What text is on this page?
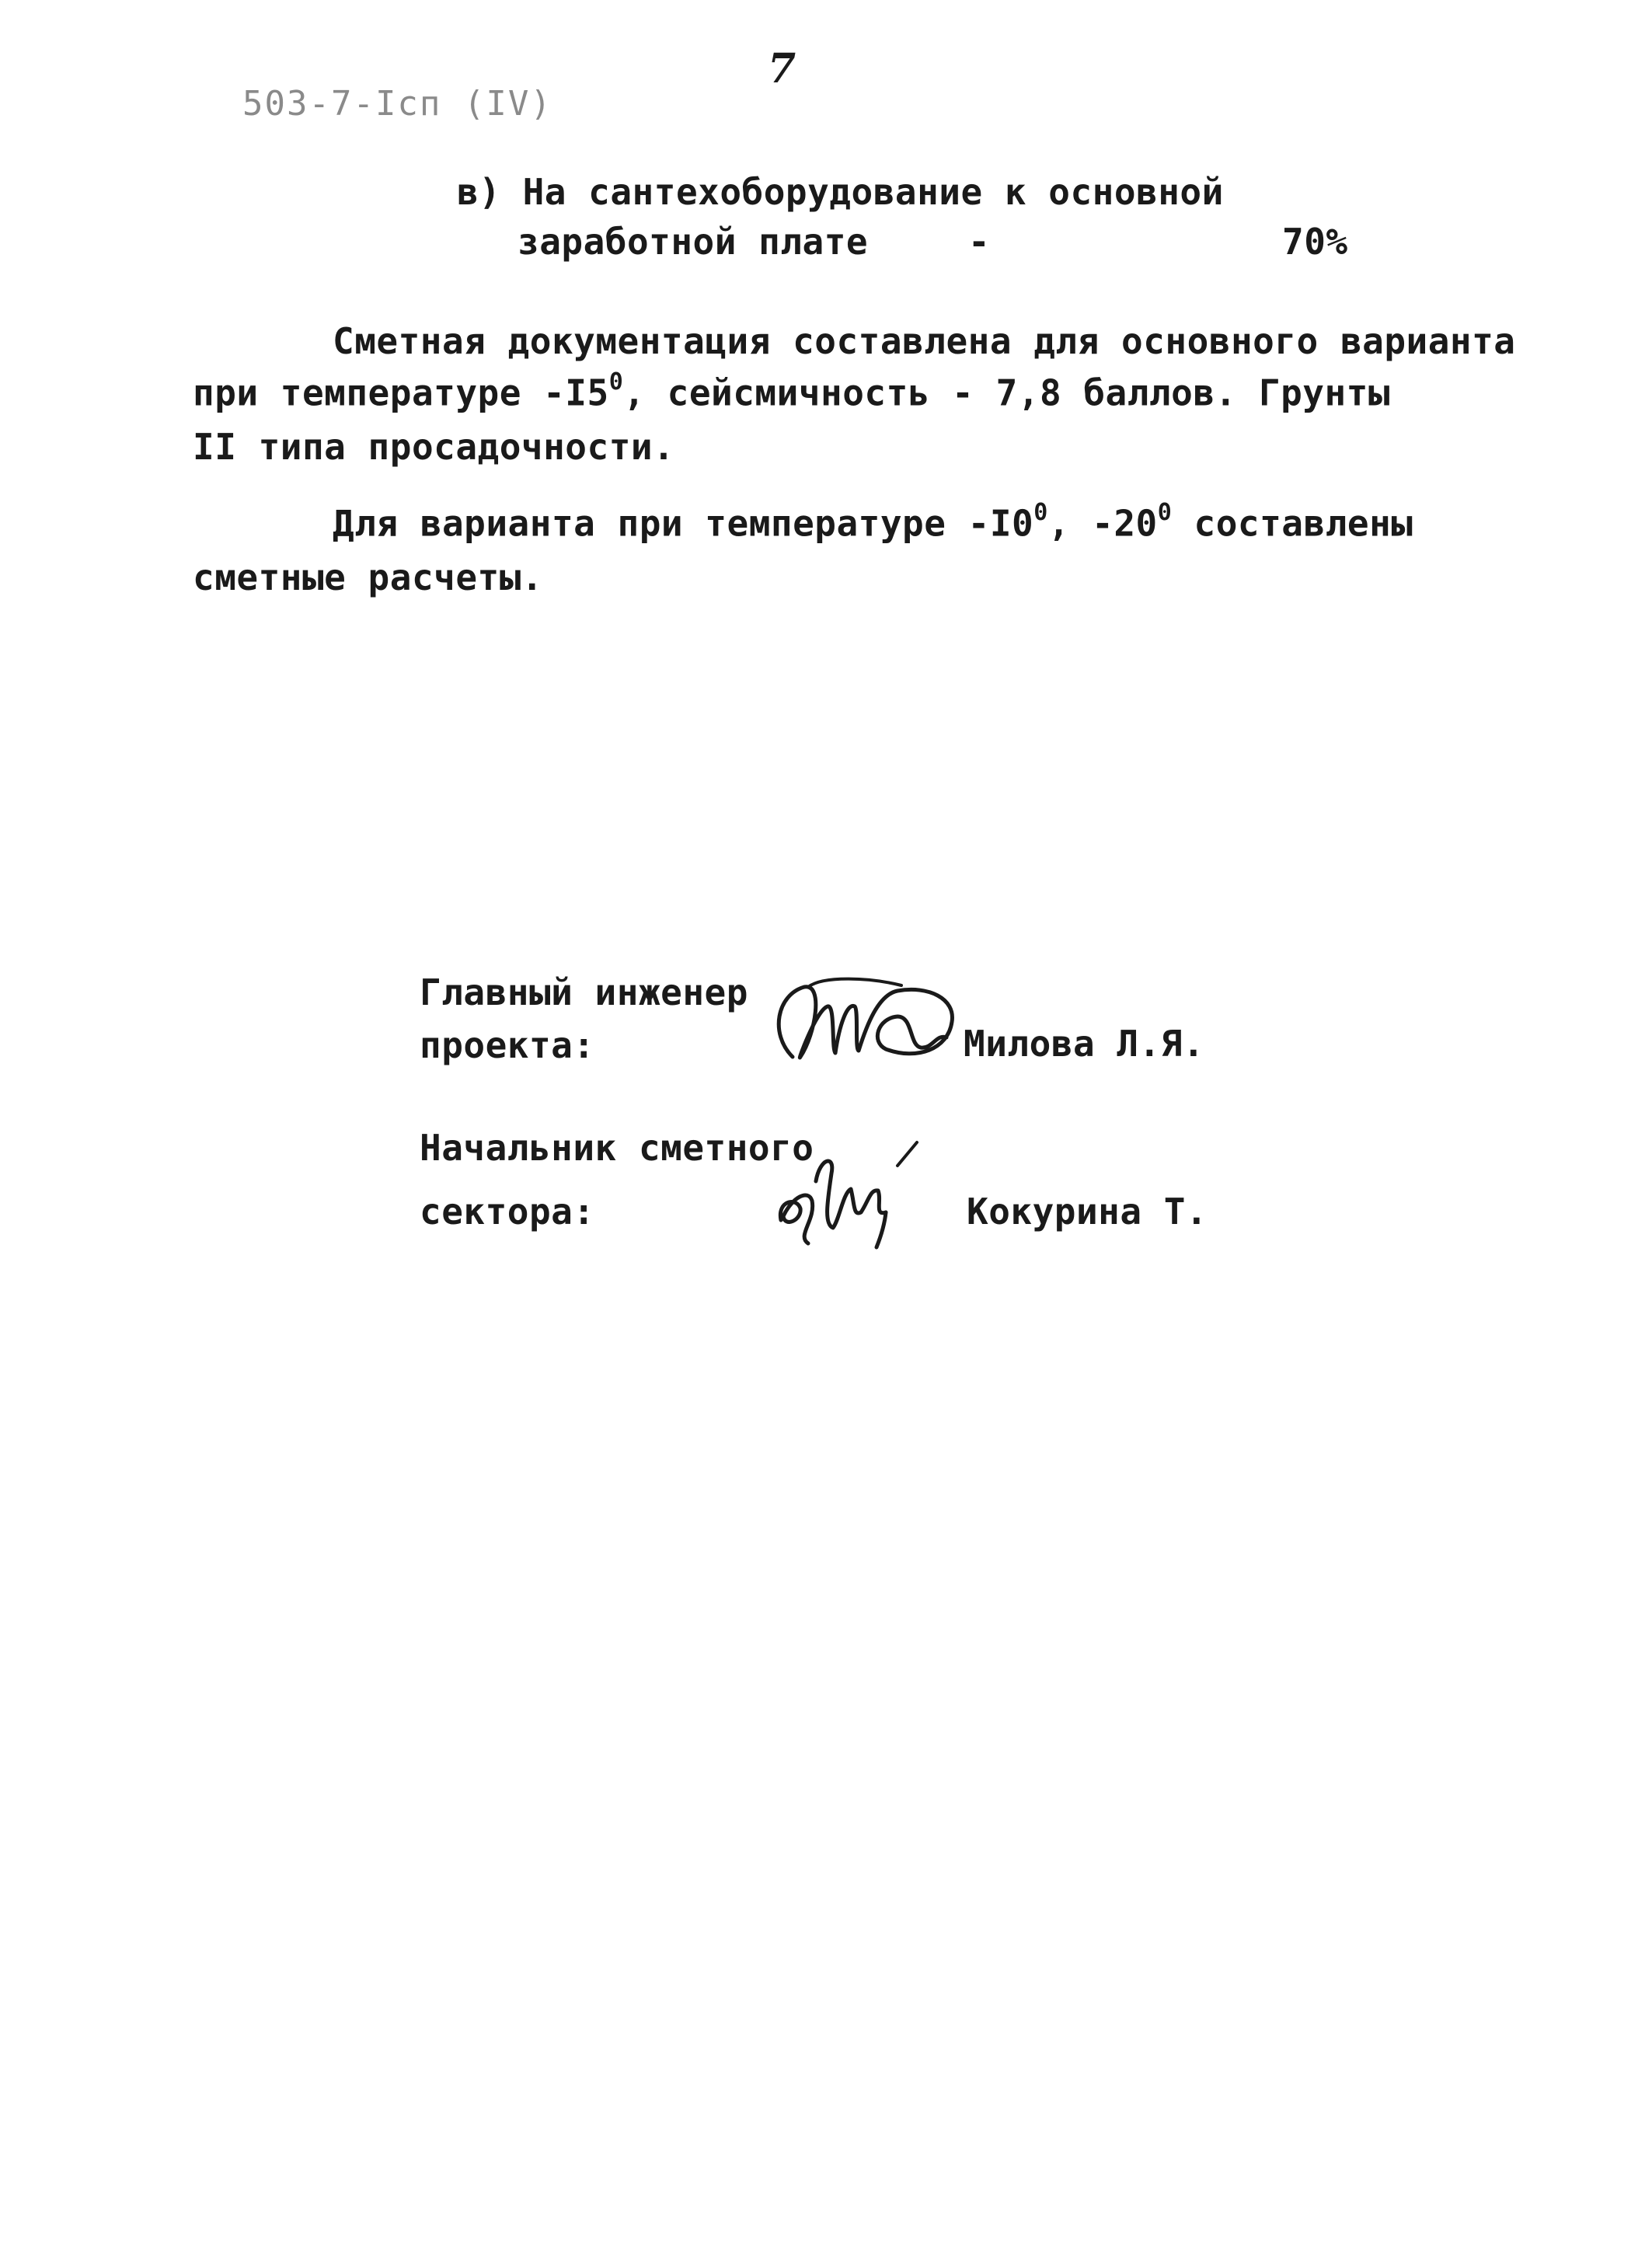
503-7-Iсп (IV)
7
в) На сантехоборудование к основной
заработной плате	-	70%
Сметная документация составлена для основного варианта
при температуре $-I5^0$, сейсмичность - 7,8 баллов. Грунты
II типа просадочности.
Для варианта при температуре $-I0^0$, $-20^0$ составлены
сметные расчеты.
Главный инженер
проекта:	Милова Л.Я.
Начальник сметного
сектора:	Кокурина Т.
